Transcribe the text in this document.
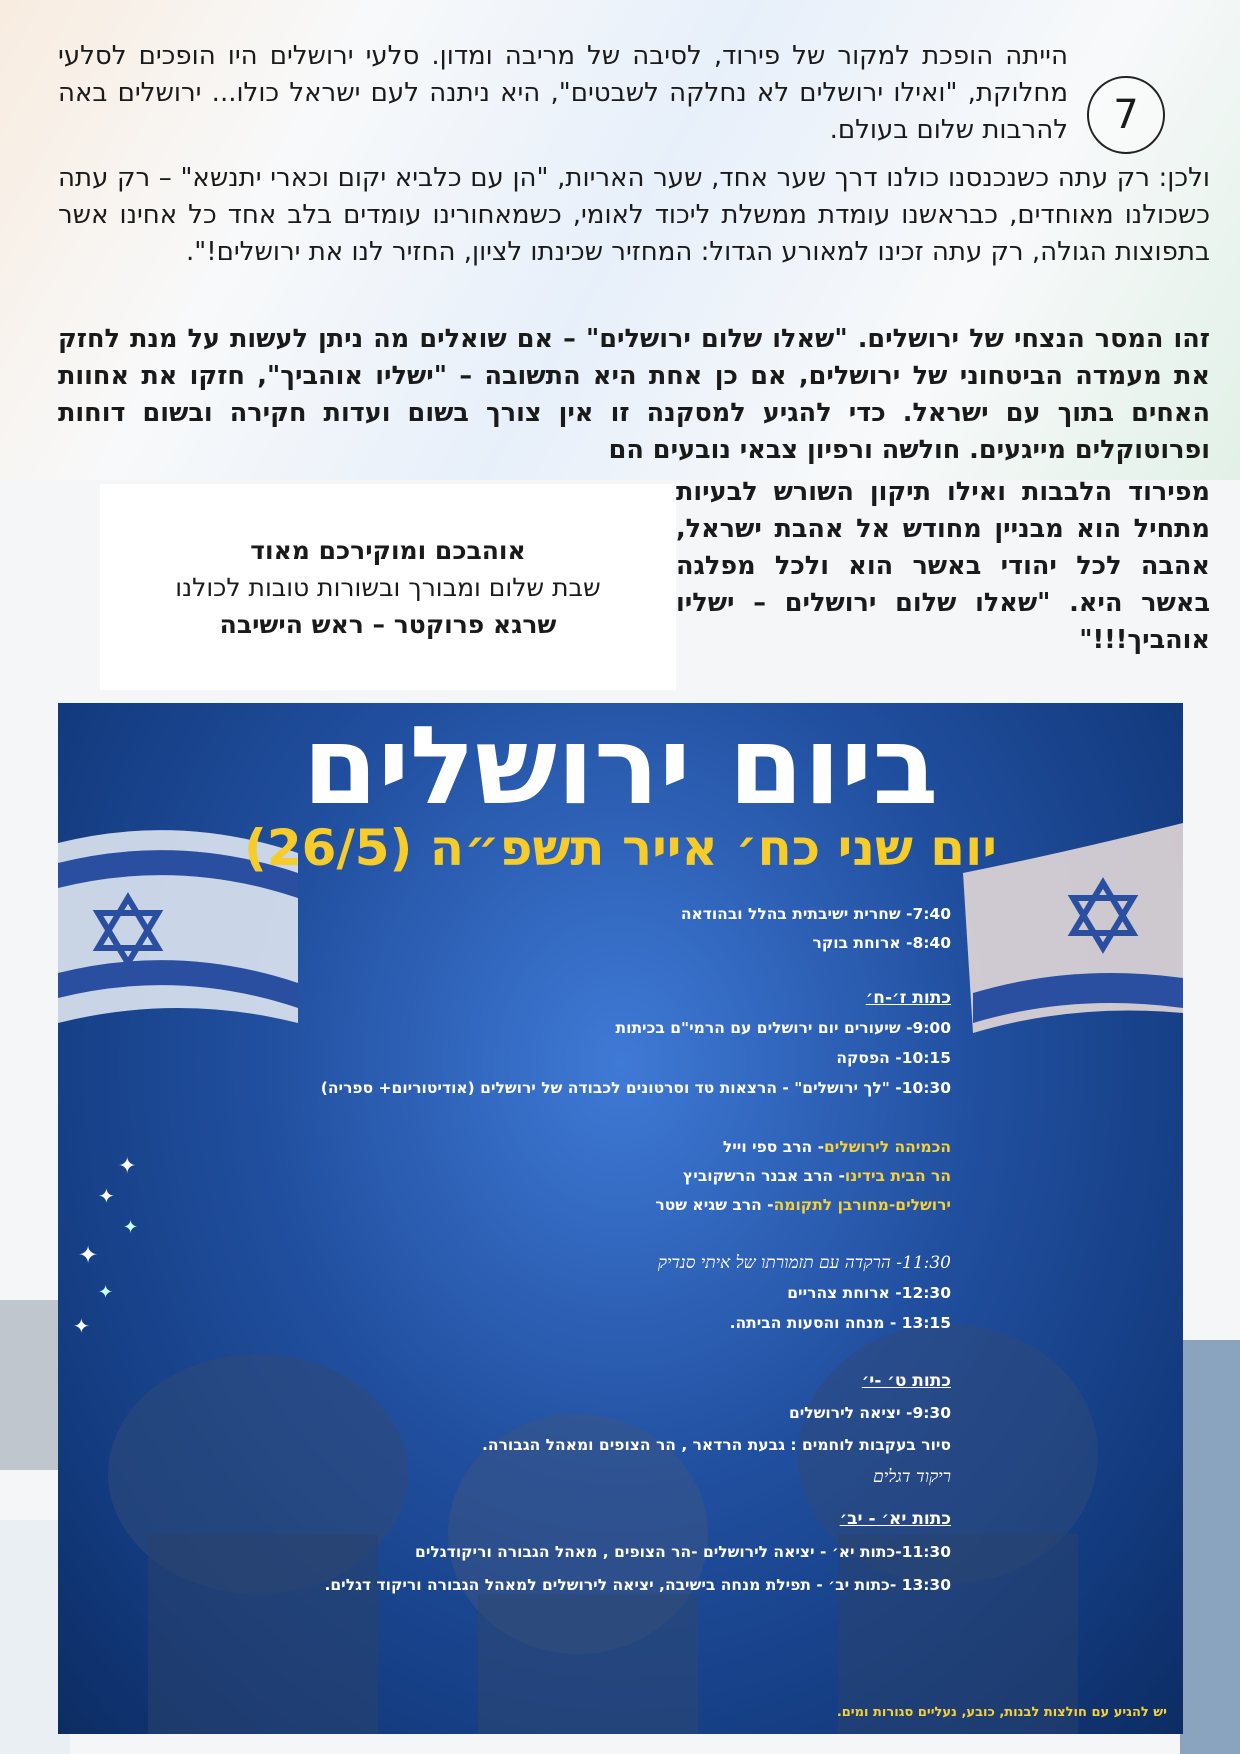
7

הייתה הופכת למקור של פירוד, לסיבה של מריבה ומדון. סלעי ירושלים היו הופכים לסלעי מחלוקת, "ואילו ירושלים לא נחלקה לשבטים", היא ניתנה לעם ישראל כולו... ירושלים באה להרבות שלום בעולם.

ולכן: רק עתה כשנכנסנו כולנו דרך שער אחד, שער האריות, "הן עם כלביא יקום וכארי יתנשא" – רק עתה כשכולנו מאוחדים, כבראשנו עומדת ממשלת ליכוד לאומי, כשמאחורינו עומדים בלב אחד כל אחינו אשר בתפוצות הגולה, רק עתה זכינו למאורע הגדול: המחזיר שכינתו לציון, החזיר לנו את ירושלים!".

זהו המסר הנצחי של ירושלים. "שאלו שלום ירושלים" – אם שואלים מה ניתן לעשות על מנת לחזק את מעמדה הביטחוני של ירושלים, אם כן אחת היא התשובה – "ישליו אוהביך", חזקו את אחוות האחים בתוך עם ישראל. כדי להגיע למסקנה זו אין צורך בשום ועדות חקירה ובשום דוחות ופרוטוקלים מייגעים. חולשה ורפיון צבאי נובעים הם

מפירוד הלבבות ואילו תיקון השורש לבעיות מתחיל הוא מבניין מחודש אל אהבת ישראל, אהבה לכל יהודי באשר הוא ולכל מפלגה באשר היא. "שאלו שלום ירושלים – ישליו אוהביך!!!"

אוהבכם ומוקירכם מאוד
שבת שלום ומבורך ובשורות טובות לכולנו
שרגא פרוקטר – ראש הישיבה
✦
✦
✦
✦
✦
✦
ביום ירושלים
יום שני כח׳ אייר תשפ״ה (26/5)
7:40- שחרית ישיבתית בהלל ובהודאה
8:40- ארוחת בוקר
כתות ז׳-ח׳
9:00- שיעורים יום ירושלים עם הרמי"ם בכיתות
10:15- הפסקה
10:30- "לך ירושלים" - הרצאות טד וסרטונים לכבודה של ירושלים (אודיטוריום+ ספריה)
הכמיהה לירושלים- הרב ספי וייל
הר הבית בידינו- הרב אבנר הרשקוביץ
ירושלים-מחורבן לתקומה- הרב שגיא שטר
11:30- הרקדה עם תזמורתו של איתי סנדיק
12:30- ארוחת צהריים
13:15 - מנחה והסעות הביתה.
כתות ט׳ -י׳
9:30- יציאה לירושלים
סיור בעקבות לוחמים : גבעת הרדאר , הר הצופים ומאהל הגבורה.
ריקוד דגלים
כתות יא׳ - יב׳
11:30-כתות יא׳ - יציאה לירושלים -הר הצופים , מאהל הגבורה וריקודגלים
13:30 -כתות יב׳ - תפילת מנחה בישיבה, יציאה לירושלים למאהל הגבורה וריקוד דגלים.
יש להגיע עם חולצות לבנות, כובע, נעליים סגורות ומים.
